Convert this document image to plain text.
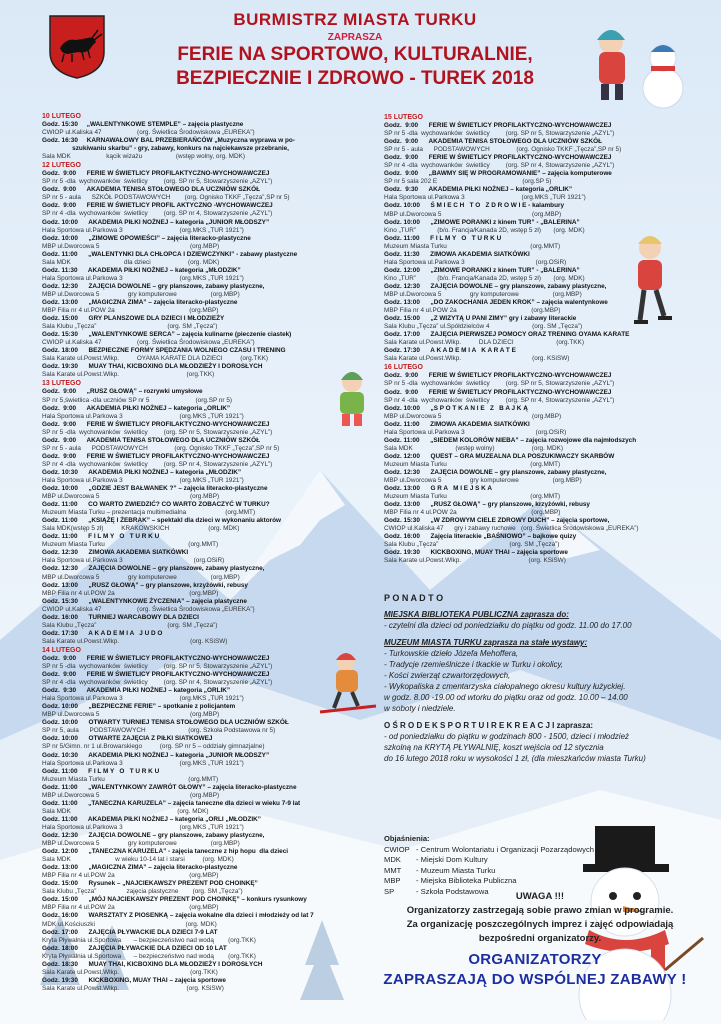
BURMISTRZ MIASTA TURKU
ZAPRASZA
FERIE NA SPORTOWO, KULTURALNIE,
BEZPIECZNIE I ZDROWO - TUREK 2018
10 LUTEGO
Godz. 15:30     „WALENTYNKOWE STEMPLE” – zajęcia plastyczne
CWIOP ul.Kaliska 47                    (org. Świetlica Środowiskowa „EUREKA”)
Godz. 16:30     KARNAWAŁOWY BAL PRZEBIERAŃCÓW „Muzyczna wyprawa w po-
szukiwaniu skarbu” - gry, zabawy, konkurs na najciekawsze przebranie,
Sala MDK                    kącik wizażu                   (wstęp wolny, org. MDK)
12 LUTEGO
Godz.  9:00      FERIE W ŚWIETLICY PROFILAKTYCZNO-WYCHOWAWCZEJ
SP nr 5 -dla  wychowanków  świetlicy         (org. SP nr 5, Stowarzyszenie „AZYL”)
Godz.  9:00      AKADEMIA TENISA STOŁOWEGO DLA UCZNIÓW SZKÓŁ
SP nr 5 - aula      SZKÓŁ PODSTAWOWYCH        (org. Ognisko TKKF „Tęcza”,SP nr 5)
Godz.  9:00      FERIE W ŚWIETLICY PROFIL AKTYCZNO -WYCHOWAWCZEJ
SP nr 4 -dla  wychowanków  świetlicy         (org. SP nr 4, Stowarzyszenie „AZYL”)
Godz. 10:00      AKADEMIA PIŁKI NOŻNEJ – kategoria „JUNIOR MŁODSZY”
Hala Sportowa ul.Parkowa 3                                (org.MKS „TUR 1921”)
Godz. 10:00      „ZIMOWE OPOWIEŚCI” – zajęcia literacko-plastyczne
MBP ul.Dworcowa 5                                                   (org.MBP)
Godz. 11:00      „WALENTYNKI DLA CHŁOPCA I DZIEWCZYNKI” - zabawy plastyczne
Sala MDK                              dla dzieci                     (org. MDK)
Godz. 11:30      AKADEMIA PIŁKI NOŻNEJ – kategoria „MŁODZIK”
Hala Sportowa ul.Parkowa 3                                (org.MKS „TUR 1921”)
Godz. 12:30      ZAJĘCIA DOWOLNE – gry planszowe, zabawy plastyczne,
MBP ul.Dworcowa 5                gry komputerowe                   (org.MBP)
Godz. 13:00      „MAGICZNA ZIMA” – zajęcia literacko-plastyczne
MBP Filia nr 4 ul.POW 2a                                          (org.MBP)
Godz. 15:00      GRY PLANSZOWE DLA DZIECI I MŁODZIEŻY
Sala Klubu „Tęcza”                                        (org. SM „Tęcza”)
Godz. 15:30      „WALENTYNKOWE SERCA” – zajęcia kulinarne (pieczenie ciastek)
CWIOP ul.Kaliska 47                    (org. Świetlica Środowiskowa „EUREKA”)
Godz. 18:00      BEZPIECZNE FORMY SPĘDZANIA WOLNEGO CZASU I TRENING
Sala Karate ul.Powst.Wlkp.          OYAMA KARATE DLA DZIECI          (org.TKK)
Godz. 19:30      MUAY THAI, KICBOXING DLA MŁODZIEŻY I DOROSŁYCH
Sala Karate ul.Powst.Wlkp.                                      (org.TKK)
13 LUTEGO
Godz.  9:00      „RUSZ GŁOWĄ” – rozrywki umysłowe
SP nr 5,świetlica -dla uczniów SP nr 5                          (org.SP nr 5)
Godz.  9:00      AKADEMIA PIŁKI NOŻNEJ – kategoria „ORLIK”
Hala Sportowa ul.Parkowa 3                                (org.MKS „TUR 1921”)
Godz.  9:00      FERIE W ŚWIETLICY PROFILAKTYCZNO-WYCHOWAWCZEJ
SP nr 5 -dla  wychowanków  świetlicy         (org. SP nr 5, Stowarzyszenie „AZYL”)
Godz.  9:00      AKADEMIA TENISA STOŁOWEGO DLA UCZNIÓW SZKÓŁ
SP nr 5 - aula      PODSTAWOWYCH               (org. Ognisko TKKF „Tęcza”,SP nr 5)
Godz.  9:00      FERIE W ŚWIETLICY PROFILAKTYCZNO-WYCHOWAWCZEJ
SP nr 4 -dla  wychowanków  świetlicy         (org. SP nr 4, Stowarzyszenie „AZYL”)
Godz. 10:30      AKADEMIA PIŁKI NOŻNEJ – kategoria „MŁODZIK”
Hala Sportowa ul.Parkowa 3                                (org.MKS „TUR 1921”)
Godz. 10:00      „GDZIE JEST BAŁWANEK ?” – zajęcia literacko-plastyczne
MBP ul.Dworcowa 5                                                   (org.MBP)
Godz. 11:00      CO WARTO ZWIEDZIĆ? CO WARTO ZOBACZYĆ W TURKU?
Muzeum Miasta Turku – prezentacja multimedialna                      (org.MMT)
Godz. 11:00      „KSIĄŻĘ I ŻEBRAK” – spektakl dla dzieci w wykonaniu aktorów
Sala MDK(wstęp 5 zł)          KRAKOWSKICH                      (org. MDK)
Godz. 11:00      F I L M Y   O   T U R K U
Muzeum Miasta Turku                                               (org.MMT)
Godz. 12:30      ZIMOWA AKADEMIA SIATKÓWKI
Hala Sportowa ul.Parkowa 3                                        (org.OSiR)
Godz. 12:30      ZAJĘCIA DOWOLNE – gry planszowe, zabawy plastyczne,
MBP ul.Dworcowa 5                gry komputerowe                   (org.MBP)
Godz. 13:00      „RUSZ GŁOWĄ” – gry planszowe, krzyżówki, rebusy
MBP Filia nr 4 ul.POW 2a                                          (org.MBP)
Godz. 15:30      „WALENTYNKOWE ŻYCZENIA” – zajęcia plastyczne
CWIOP ul.Kaliska 47                    (org. Świetlica Środowiskowa „EUREKA”)
Godz. 16:00      TURNIEJ WARCABOWY DLA DZIECI
Sala Klubu „Tęcza”                                        (org. SM „Tęcza”)
Godz. 17:30      A K A D E M I A   J U D O
Sala Karate ul.Powst.Wlkp.                                        (org. KSiSW)
14 LUTEGO
Godz.  9:00      FERIE W ŚWIETLICY PROFILAKTYCZNO-WYCHOWAWCZEJ
SP nr 5 -dla  wychowanków  świetlicy         (org. SP nr 5, Stowarzyszenie „AZYL”)
Godz.  9:00      FERIE W ŚWIETLICY PROFILAKTYCZNO-WYCHOWAWCZEJ
SP nr 4 -dla  wychowanków  świetlicy         (org. SP nr 4, Stowarzyszenie „AZYL”)
Godz.  9:30      AKADEMIA PIŁKI NOŻNEJ – kategoria „ORLIK”
Hala Sportowa ul.Parkowa 3                                (org.MKS „TUR 1921”)
Godz. 10:00      „BEZPIECZNE FERIE” – spotkanie z policjantem
MBP ul.Dworcowa 5                                                   (org.MBP)
Godz. 10:00      OTWARTY TURNIEJ TENISA STOŁOWEGO DLA UCZNIÓW SZKÓŁ
SP nr 5, aula      PODSTAWOWYCH                        (org. Szkoła Podstawowa nr 5)
Godz. 10:00      OTWARTE ZAJĘCIA Z PIŁKI SIATKOWEJ
SP nr 5/Gimn. nr 1 ul.Browarskiego          (org. SP nr 5 – oddziały gimnazjalne)
Godz. 10:30      AKADEMIA PIŁKI NOŻNEJ – kategoria „JUNIOR MŁODSZY”
Hala Sportowa ul.Parkowa 3                                (org.MKS „TUR 1921”)
Godz. 11:00      F I L M Y   O   T U R K U
Muzeum Miasta Turku                                               (org.MMT)
Godz. 11:00      „WALENTYNKOWY ZAWRÓT GŁOWY” – zajęcia literacko-plastyczne
MBP ul.Dworcowa 5                                                   (org.MBP)
Godz. 11:00      „TANECZNA KARUZELA” – zajęcia taneczne dla dzieci w wieku 7-9 lat
Sala MDK                                                            (org. MDK)
Godz. 11:00      AKADEMIA PIŁKI NOŻNEJ – kategoria „ORLI „MŁODZIK”
Hala Sportowa ul.Parkowa 3                                (org.MKS „TUR 1921”)
Godz. 12:30      ZAJĘCIA DOWOLNE – gry planszowe, zabawy plastyczne,
MBP ul.Dworcowa 5                gry komputerowe                   (org.MBP)
Godz. 12:00      „TANECZNA KARUZELA” - zajęcia taneczne z hip hopu  dla dzieci
Sala MDK                         w wieku 10-14 lat i starsi          (org. MDK)
Godz. 13:00      „MAGICZNA ZIMA” – zajęcia literacko-plastyczne
MBP Filia nr 4 ul.POW 2a                                          (org.MBP)
Godz. 15:00      Rysunek – „NAJCIEKAWSZY PREZENT POD CHOINKĘ”
Sala Klubu „Tęcza”                 zajęcia plastyczne        (org. SM „Tęcza”)
Godz. 15:00      „MÓJ NAJCIEKAWSZY PREZENT POD CHOINKĘ” – konkurs rysunkowy
MBP Filia nr 4 ul.POW 2a                                          (org.MBP)
Godz. 16:00      WARSZTATY Z PIOSENKĄ – zajęcia wokalne dla dzieci i młodzieży od lat 7
MDK ul.Kościuszki                                                   (org. MDK)
Godz. 17:00      ZAJĘCIA PŁYWACKIE DLA DZIECI 7-9 LAT
Kryta Pływalnia ul.Sportowa       – bezpieczeństwo nad wodą        (org.TKK)
Godz. 18:00      ZAJĘCIA PŁYWACKIE DLA DZIECI OD 10 LAT
Kryta Pływalnia ul.Sportowa       – bezpieczeństwo nad wodą        (org.TKK)
Godz. 18:30      MUAY THAI, KICBOXING DLA MŁODZIEŻY I DOROSŁYCH
Sala Karate ul.Powst.Wlkp.                                        (org.TKK)
Godz. 19:30      KICKBOXING, MUAY THAI – zajęcia sportowe
Sala Karate ul.Powst.Wlkp.                                      (org. KSiSW)
15 LUTEGO
Godz.  9:00      FERIE W ŚWIETLICY PROFILAKTYCZNO-WYCHOWAWCZEJ
SP nr 5 -dla  wychowanków  świetlicy         (org. SP nr 5, Stowarzyszenie „AZYL”)
Godz.  9:00      AKADEMIA TENISA STOŁOWEGO DLA UCZNIÓW SZKÓŁ
SP nr 5 - aula      PODSTAWOWYCH               (org. Ognisko TKKF „Tęcza”,SP nr 5)
Godz.  9:00      FERIE W ŚWIETLICY PROFILAKTYCZNO-WYCHOWAWCZEJ
SP nr 4 -dla  wychowanków  świetlicy         (org. SP nr 4, Stowarzyszenie „AZYL”)
Godz.  9:00      „BAWMY SIĘ W PROGRAMOWANIE” – zajęcia komputerowe
SP nr 5 sala 202 E                                                (org.SP 5)
Godz.  9:30      AKADEMIA PIŁKI NOŻNEJ – kategoria „ORLIK”
Hala Sportowa ul.Parkowa 3                                (org.MKS „TUR 1921”)
Godz. 10:00      Ś M I E C H   T O   Z D R O W I E - kalambury
MBP ul.Dworcowa 5                                                   (org.MBP)
Godz. 10:00      „ZIMOWE PORANKI z kinem TUR” - „BALERINA”
Kino „TUR”            (b/o. Francja/Kanada 2D, wstęp 5 zł)       (org. MDK)
Godz. 11:00      F I L M Y   O   T U R K U
Muzeum Miasta Turku                                               (org.MMT)
Godz. 11:30      ZIMOWA AKADEMIA SIATKÓWKI
Hala Sportowa ul.Parkowa 3                                        (org.OSiR)
Godz. 12:00      „ZIMOWE PORANKI z kinem TUR” - „BALERINA”
Kino „TUR”            (b/o. Francja/Kanada 2D, wstęp 5 zł)       (org. MDK)
Godz. 12:30      ZAJĘCIA DOWOLNE – gry planszowe, zabawy plastyczne,
MBP ul.Dworcowa 5                gry komputerowe                   (org.MBP)
Godz. 13:00      „DO ZAKOCHANIA JEDEN KROK” – zajęcia walentynkowe
MBP Filia nr 4 ul.POW 2a                                          (org.MBP)
Godz. 15:00      „Z WIZYTĄ U PANI ZIMY” gry i zabawy literackie
Sala Klubu „Tęcza” ul.Spółdzielców 4                        (org. SM „Tęcza”)
Godz. 17:00      ZAJĘCIA PIERWSZEJ POMOCY ORAZ TRENING OYAMA KARATE
Sala Karate ul.Powst.Wlkp.          DLA DZIECI                        (org.TKK)
Godz. 17:30      A K A D E M I A   K A R A T E
Sala Karate ul.Powst.Wlkp.                                        (org. KSiSW)
16 LUTEGO
Godz.  9:00      FERIE W ŚWIETLICY PROFILAKTYCZNO-WYCHOWAWCZEJ
SP nr 5 -dla  wychowanków  świetlicy         (org. SP nr 5, Stowarzyszenie „AZYL”)
Godz.  9:00      FERIE W ŚWIETLICY PROFILAKTYCZNO-WYCHOWAWCZEJ
SP nr 4 -dla  wychowanków  świetlicy         (org. SP nr 4, Stowarzyszenie „AZYL”)
Godz. 10:00      „S P O T K A N I E   Z   B A J K Ą
MBP ul.Dworcowa 5                                                   (org.MBP)
Godz. 11:00      ZIMOWA AKADEMIA SIATKÓWKI
Hala Sportowa ul.Parkowa 3                                        (org.OSiR)
Godz. 11:00      „SIEDEM KOLORÓW NIEBA” – zajęcia rozwojowe dla najmłodszych
Sala MDK                        (wstęp wolny)                     (org. MDK)
Godz. 12:00      QUEST – GRA MUZEALNA DLA POSZUKIWACZY SKARBÓW
Muzeum Miasta Turku                                               (org.MMT)
Godz. 12:30      ZAJĘCIA DOWOLNE – gry planszowe, zabawy plastyczne,
MBP ul.Dworcowa 5                gry komputerowe                   (org.MBP)
Godz. 13:00      G R A   M I E J S K A
Muzeum Miasta Turku                                               (org.MMT)
Godz. 13:00      „RUSZ GŁOWĄ” – gry planszowe, krzyżówki, rebusy
MBP Filia nr 4 ul.POW 2a                                          (org.MBP)
Godz. 15:30      „W ZDROWYM CIELE ZDROWY DUCH” – zajęcia sportowe,
CWIOP ul.Kaliska 47      gry i zabawy ruchowe   (org. Świetlica Środowiskowa „EUREKA”)
Godz. 16:00      Zajęcia literackie „BAŚNIOWO” – bajkowe quizy
Sala Klubu „Tęcza”                                        (org. SM „Tęcza”)
Godz. 19:30      KICKBOXING, MUAY THAI – zajęcia sportowe
Sala Karate ul.Powst.Wlkp.                                      (org. KSiSW)
P O N A D T O
MIEJSKA BIBLIOTEKA PUBLICZNA zaprasza do:
- czytelni dla dzieci od poniedziałku do piątku od godz. 11.00 do 17.00
MUZEUM MIASTA TURKU zaprasza na stałe wystawy:
- Turkowskie dzieło Józefa Mehoffera,
- Tradycje rzemieślnicze i tkackie w Turku i okolicy,
- Kości zwierząt czwartorzędowych,
- Wykopaliska z cmentarzyska ciałopalnego okresu kultury łużyckiej.
w godz. 8.00 -19.00 od wtorku do piątku oraz od godz. 10.00 – 14.00
w soboty i niedziele.
O Ś R O D E K S P O R T U I R E K R E A C J I zaprasza:
- od poniedziałku do piątku w godzinach 800 - 1500, dzieci i młodzież
szkolną na KRYTĄ PŁYWALNIĘ, koszt wejścia od 12 stycznia
do 16 lutego 2018 roku w wysokości 1 zł, (dla mieszkańców miasta Turku)
Objaśnienia:
CWIOP - Centrum Wolontariatu i Organizacji Pozarządowych
MDK - Miejski Dom Kultury
MMT - Muzeum Miasta Turku
MBP - Miejska Biblioteka Publiczna
SP	- Szkoła Podstawowa	UWAGA !!!
Organizatorzy zastrzegają sobie prawo zmian w programie.
Za organizację poszczególnych imprez i zajęć odpowiadają
bezpośredni organizatorzy.
ORGANIZATORZY
ZAPRASZAJĄ DO WSPÓLNEJ ZABAWY !
